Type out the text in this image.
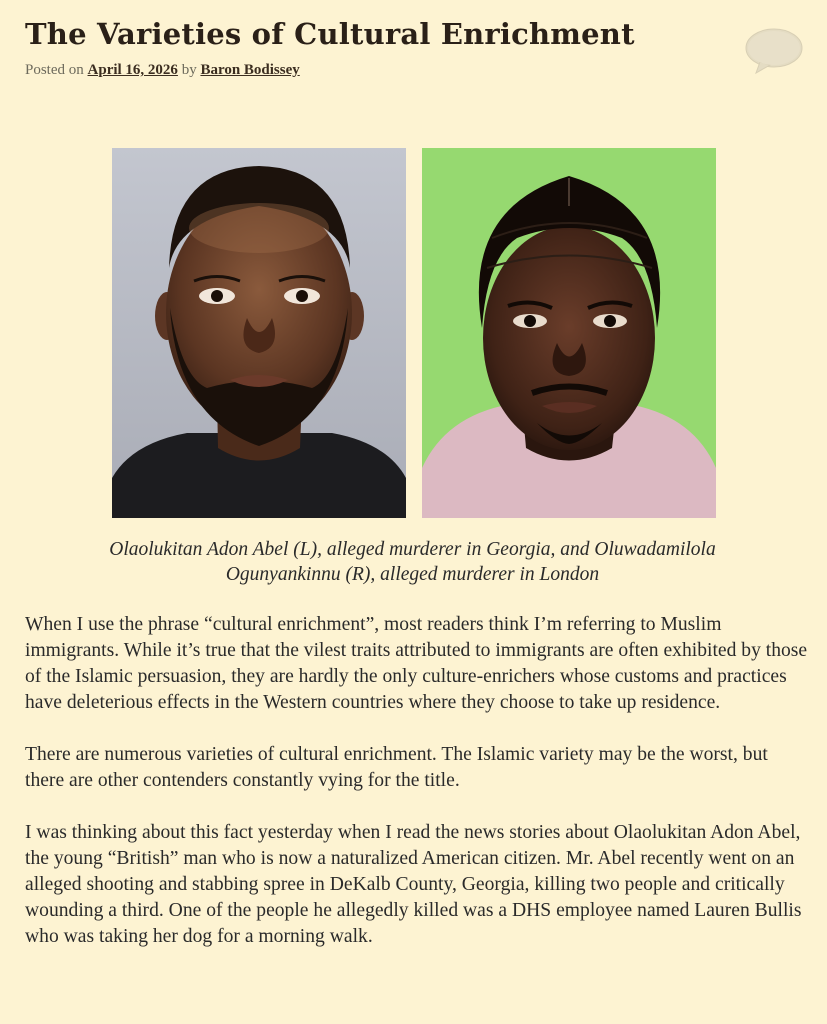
The Varieties of Cultural Enrichment
Posted on April 16, 2026 by Baron Bodissey
Olaolukitan Adon Abel (L), alleged murderer in Georgia, and Oluwadamilola
Ogunyankinnu (R), alleged murderer in London

When I use the phrase “cultural enrichment”, most readers think I’m referring to Muslim immigrants. While it’s true that the vilest traits attributed to immigrants are often exhibited by those of the Islamic persuasion, they are hardly the only culture-enrichers whose customs and practices have deleterious effects in the Western countries where they choose to take up residence.

There are numerous varieties of cultural enrichment. The Islamic variety may be the worst, but there are other contenders constantly vying for the title.

I was thinking about this fact yesterday when I read the news stories about Olaolukitan Adon Abel, the young “British” man who is now a naturalized American citizen. Mr. Abel recently went on an alleged shooting and stabbing spree in DeKalb County, Georgia, killing two people and critically wounding a third. One of the people he allegedly killed was a DHS employee named Lauren Bullis who was taking her dog for a morning walk.
